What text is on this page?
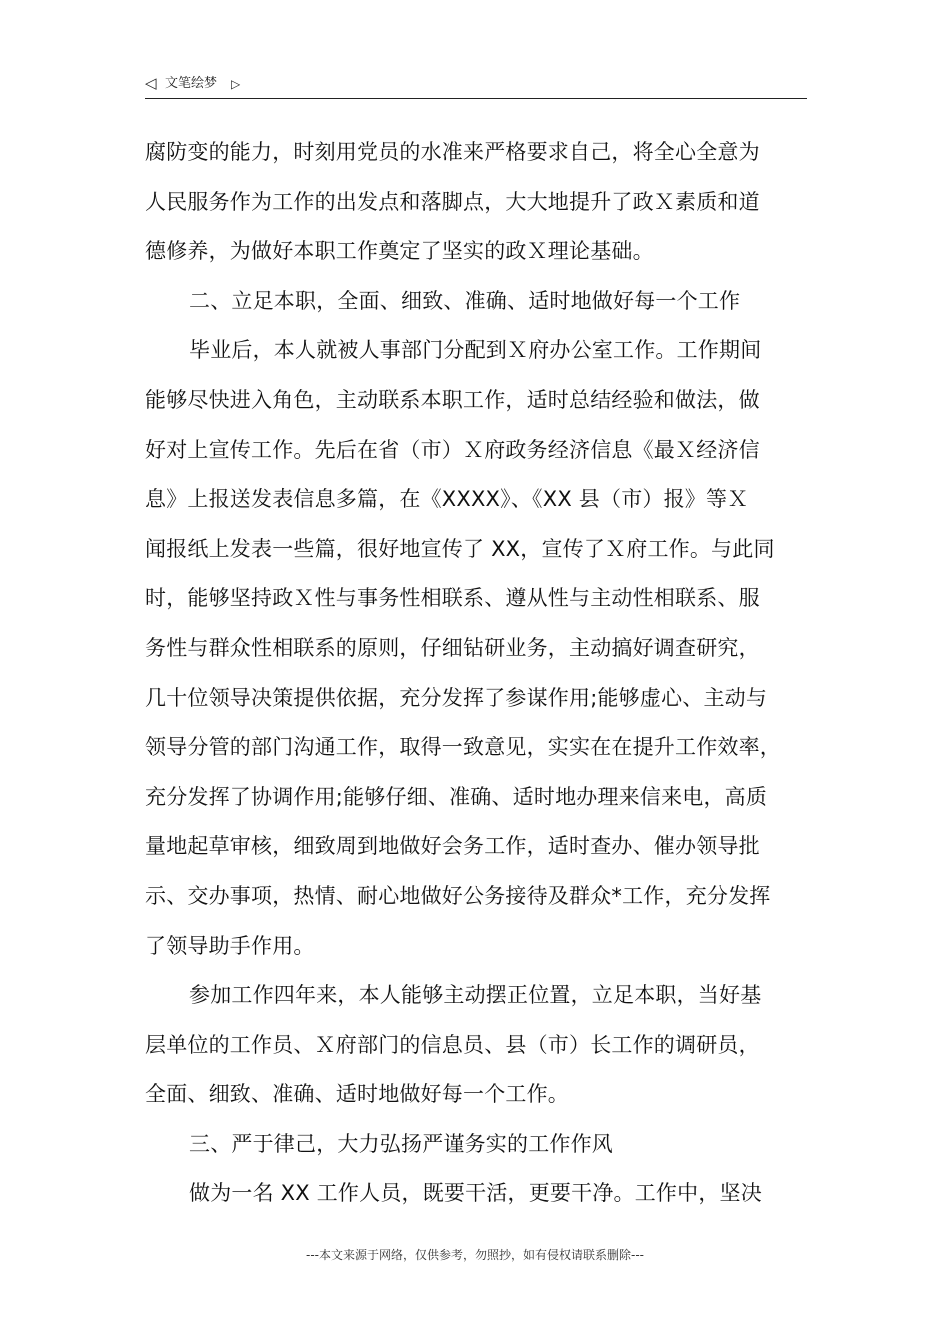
◁ 文笔绘梦 ▷
腐防变的能力，时刻用党员的水准来严格要求自己，将全心全意为
人民服务作为工作的出发点和落脚点，大大地提升了政Ｘ素质和道
德修养，为做好本职工作奠定了坚实的政Ｘ理论基础。
二、立足本职，全面、细致、准确、适时地做好每一个工作
毕业后，本人就被人事部门分配到Ｘ府办公室工作。工作期间
能够尽快进入角色，主动联系本职工作，适时总结经验和做法，做
好对上宣传工作。先后在省（市）Ｘ府政务经济信息《最Ｘ经济信
息》上报送发表信息多篇，在《XXXX》、《XX 县（市）报》等Ｘ
闻报纸上发表一些篇，很好地宣传了 XX，宣传了Ｘ府工作。与此同
时，能够坚持政Ｘ性与事务性相联系、遵从性与主动性相联系、服
务性与群众性相联系的原则，仔细钻研业务，主动搞好调查研究，
几十位领导决策提供依据，充分发挥了参谋作用;能够虚心、主动与
领导分管的部门沟通工作，取得一致意见，实实在在提升工作效率，
充分发挥了协调作用;能够仔细、准确、适时地办理来信来电，高质
量地起草审核，细致周到地做好会务工作，适时查办、催办领导批
示、交办事项，热情、耐心地做好公务接待及群众*工作，充分发挥
了领导助手作用。
参加工作四年来，本人能够主动摆正位置，立足本职，当好基
层单位的工作员、Ｘ府部门的信息员、县（市）长工作的调研员，
全面、细致、准确、适时地做好每一个工作。
三、严于律己，大力弘扬严谨务实的工作作风
做为一名 XX 工作人员，既要干活，更要干净。工作中，坚决
---本文来源于网络，仅供参考，勿照抄，如有侵权请联系删除---
